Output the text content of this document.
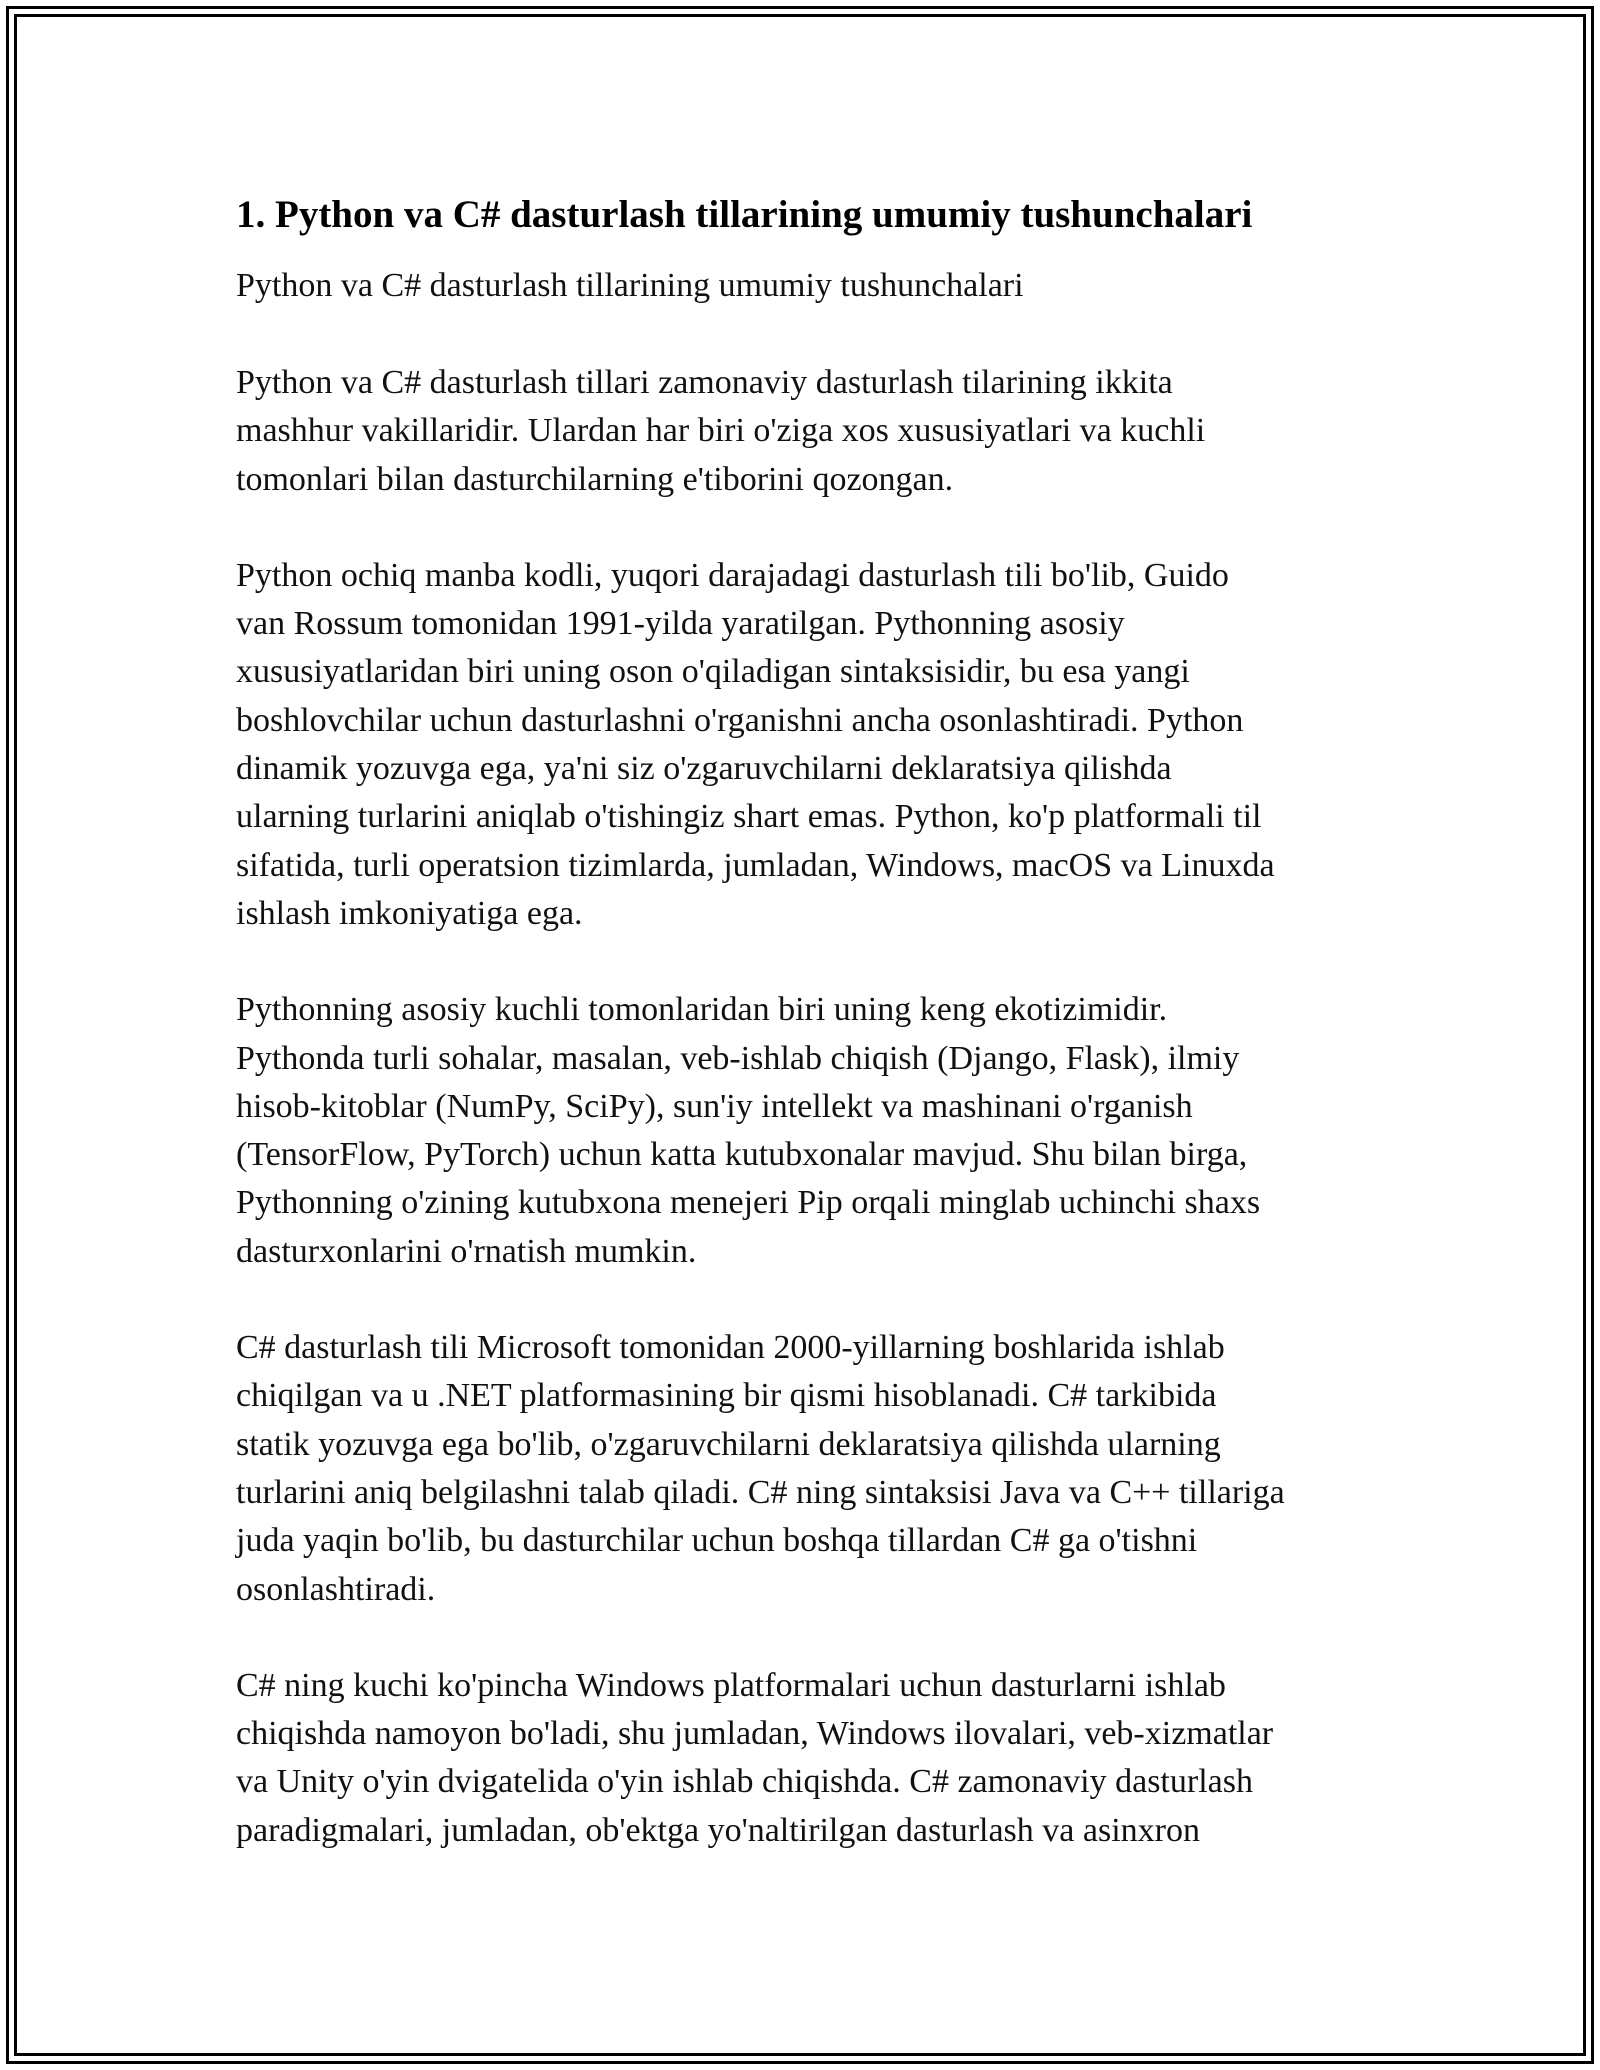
1. Python va C# dasturlash tillarining umumiy tushunchalari
Python va C# dasturlash tillarining umumiy tushunchalari

Python va C# dasturlash tillari zamonaviy dasturlash tilarining ikkita
mashhur vakillaridir. Ulardan har biri o'ziga xos xususiyatlari va kuchli
tomonlari bilan dasturchilarning e'tiborini qozongan.

Python ochiq manba kodli, yuqori darajadagi dasturlash tili bo'lib, Guido
van Rossum tomonidan 1991-yilda yaratilgan. Pythonning asosiy
xususiyatlaridan biri uning oson o'qiladigan sintaksisidir, bu esa yangi
boshlovchilar uchun dasturlashni o'rganishni ancha osonlashtiradi. Python
dinamik yozuvga ega, ya'ni siz o'zgaruvchilarni deklaratsiya qilishda
ularning turlarini aniqlab o'tishingiz shart emas. Python, ko'p platformali til
sifatida, turli operatsion tizimlarda, jumladan, Windows, macOS va Linuxda
ishlash imkoniyatiga ega.

Pythonning asosiy kuchli tomonlaridan biri uning keng ekotizimidir.
Pythonda turli sohalar, masalan, veb-ishlab chiqish (Django, Flask), ilmiy
hisob-kitoblar (NumPy, SciPy), sun'iy intellekt va mashinani o'rganish
(TensorFlow, PyTorch) uchun katta kutubxonalar mavjud. Shu bilan birga,
Pythonning o'zining kutubxona menejeri Pip orqali minglab uchinchi shaxs
dasturxonlarini o'rnatish mumkin.

C# dasturlash tili Microsoft tomonidan 2000-yillarning boshlarida ishlab
chiqilgan va u .NET platformasining bir qismi hisoblanadi. C# tarkibida
statik yozuvga ega bo'lib, o'zgaruvchilarni deklaratsiya qilishda ularning
turlarini aniq belgilashni talab qiladi. C# ning sintaksisi Java va C++ tillariga
juda yaqin bo'lib, bu dasturchilar uchun boshqa tillardan C# ga o'tishni
osonlashtiradi.

C# ning kuchi ko'pincha Windows platformalari uchun dasturlarni ishlab
chiqishda namoyon bo'ladi, shu jumladan, Windows ilovalari, veb-xizmatlar
va Unity o'yin dvigatelida o'yin ishlab chiqishda. C# zamonaviy dasturlash
paradigmalari, jumladan, ob'ektga yo'naltirilgan dasturlash va asinxron
